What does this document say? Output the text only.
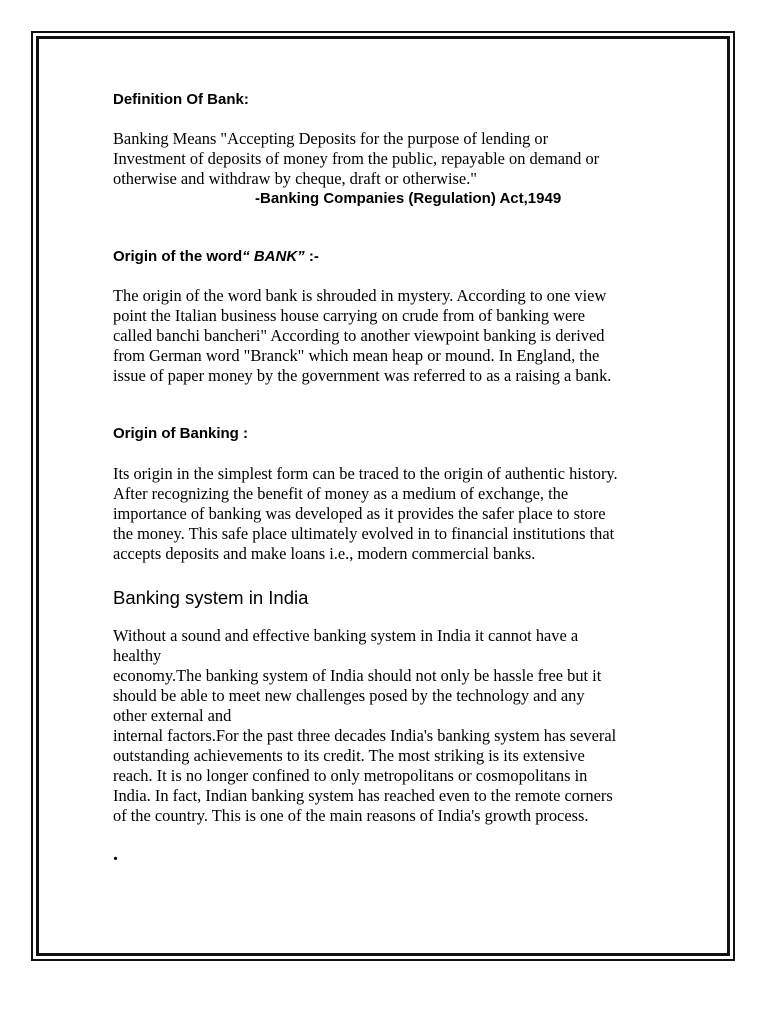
Definition Of Bank:

Banking Means "Accepting Deposits for the purpose of lending or
Investment of deposits of money from the public, repayable on demand or
otherwise and withdraw by cheque, draft or otherwise."

-Banking Companies (Regulation) Act,1949

Origin of the word“ BANK” :-

The origin of the word bank is shrouded in mystery. According to one view
point the Italian business house carrying on crude from of banking were
called banchi bancheri" According to another viewpoint banking is derived
from German word "Branck" which mean heap or mound. In England, the
issue of paper money by the government was referred to as a raising a bank.

Origin of Banking :

Its origin in the simplest form can be traced to the origin of authentic history.
After recognizing the benefit of money as a medium of exchange, the
importance of banking was developed as it provides the safer place to store
the money. This safe place ultimately evolved in to financial institutions that
accepts deposits and make loans i.e., modern commercial banks.

Banking system in India

Without a sound and effective banking system in India it cannot have a
healthy
economy.The banking system of India should not only be hassle free but it
should be able to meet new challenges posed by the technology and any
other external and
internal factors.For the past three decades India's banking system has several
outstanding achievements to its credit. The most striking is its extensive
reach. It is no longer confined to only metropolitans or cosmopolitans in
India. In fact, Indian banking system has reached even to the remote corners
of the country. This is one of the main reasons of India's growth process.

.
